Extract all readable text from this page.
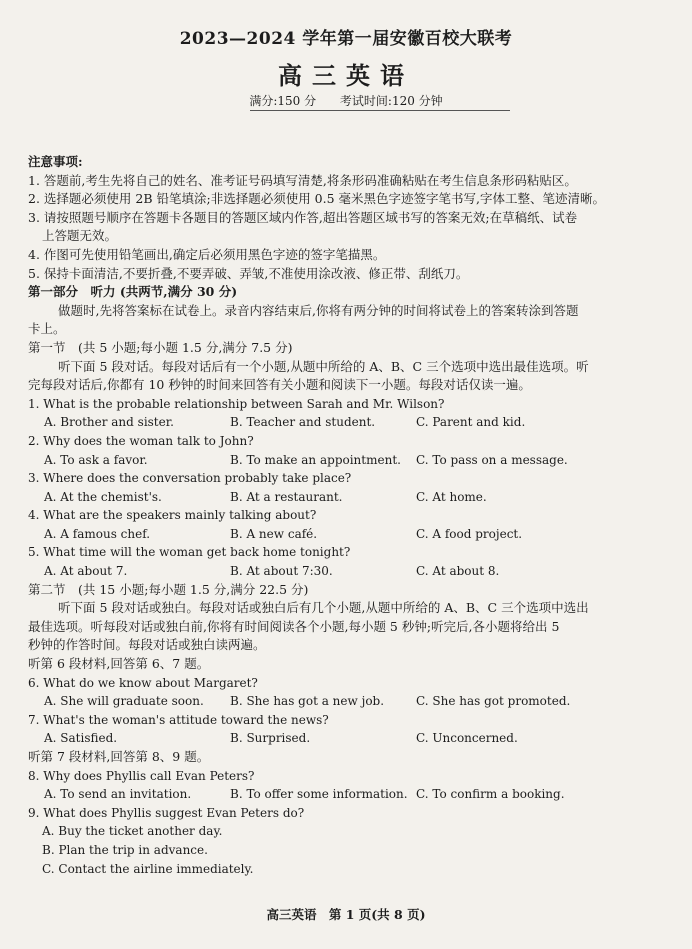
2023—2024 学年第一届安徽百校大联考
高三英语
满分:150 分 考试时间:120 分钟
注意事项:
1. 答题前,考生先将自己的姓名、准考证号码填写清楚,将条形码准确粘贴在考生信息条形码粘贴区。
2. 选择题必须使用 2B 铅笔填涂;非选择题必须使用 0.5 毫米黑色字迹签字笔书写,字体工整、笔迹清晰。
3. 请按照题号顺序在答题卡各题目的答题区域内作答,超出答题区域书写的答案无效;在草稿纸、试卷
上答题无效。
4. 作图可先使用铅笔画出,确定后必须用黑色字迹的签字笔描黑。
5. 保持卡面清洁,不要折叠,不要弄破、弄皱,不准使用涂改液、修正带、刮纸刀。
第一部分　听力 (共两节,满分 30 分)
做题时,先将答案标在试卷上。录音内容结束后,你将有两分钟的时间将试卷上的答案转涂到答题
卡上。
第一节　(共 5 小题;每小题 1.5 分,满分 7.5 分)
听下面 5 段对话。每段对话后有一个小题,从题中所给的 A、B、C 三个选项中选出最佳选项。听
完每段对话后,你都有 10 秒钟的时间来回答有关小题和阅读下一小题。每段对话仅读一遍。
1. What is the probable relationship between Sarah and Mr. Wilson?
A. Brother and sister.	B. Teacher and student.	C. Parent and kid.
2. Why does the woman talk to John?
A. To ask a favor.	B. To make an appointment.	C. To pass on a message.
3. Where does the conversation probably take place?
A. At the chemist's.	B. At a restaurant.	C. At home.
4. What are the speakers mainly talking about?
A. A famous chef.	B. A new café.	C. A food project.
5. What time will the woman get back home tonight?
A. At about 7.	B. At about 7:30.	C. At about 8.
第二节　(共 15 小题;每小题 1.5 分,满分 22.5 分)
听下面 5 段对话或独白。每段对话或独白后有几个小题,从题中所给的 A、B、C 三个选项中选出
最佳选项。听每段对话或独白前,你将有时间阅读各个小题,每小题 5 秒钟;听完后,各小题将给出 5
秒钟的作答时间。每段对话或独白读两遍。
听第 6 段材料,回答第 6、7 题。
6. What do we know about Margaret?
A. She will graduate soon.	B. She has got a new job.	C. She has got promoted.
7. What's the woman's attitude toward the news?
A. Satisfied.	B. Surprised.	C. Unconcerned.
听第 7 段材料,回答第 8、9 题。
8. Why does Phyllis call Evan Peters?
A. To send an invitation.	B. To offer some information. C. To confirm a booking.
9. What does Phyllis suggest Evan Peters do?
A. Buy the ticket another day.
B. Plan the trip in advance.
C. Contact the airline immediately.
高三英语 第 1 页(共 8 页)
